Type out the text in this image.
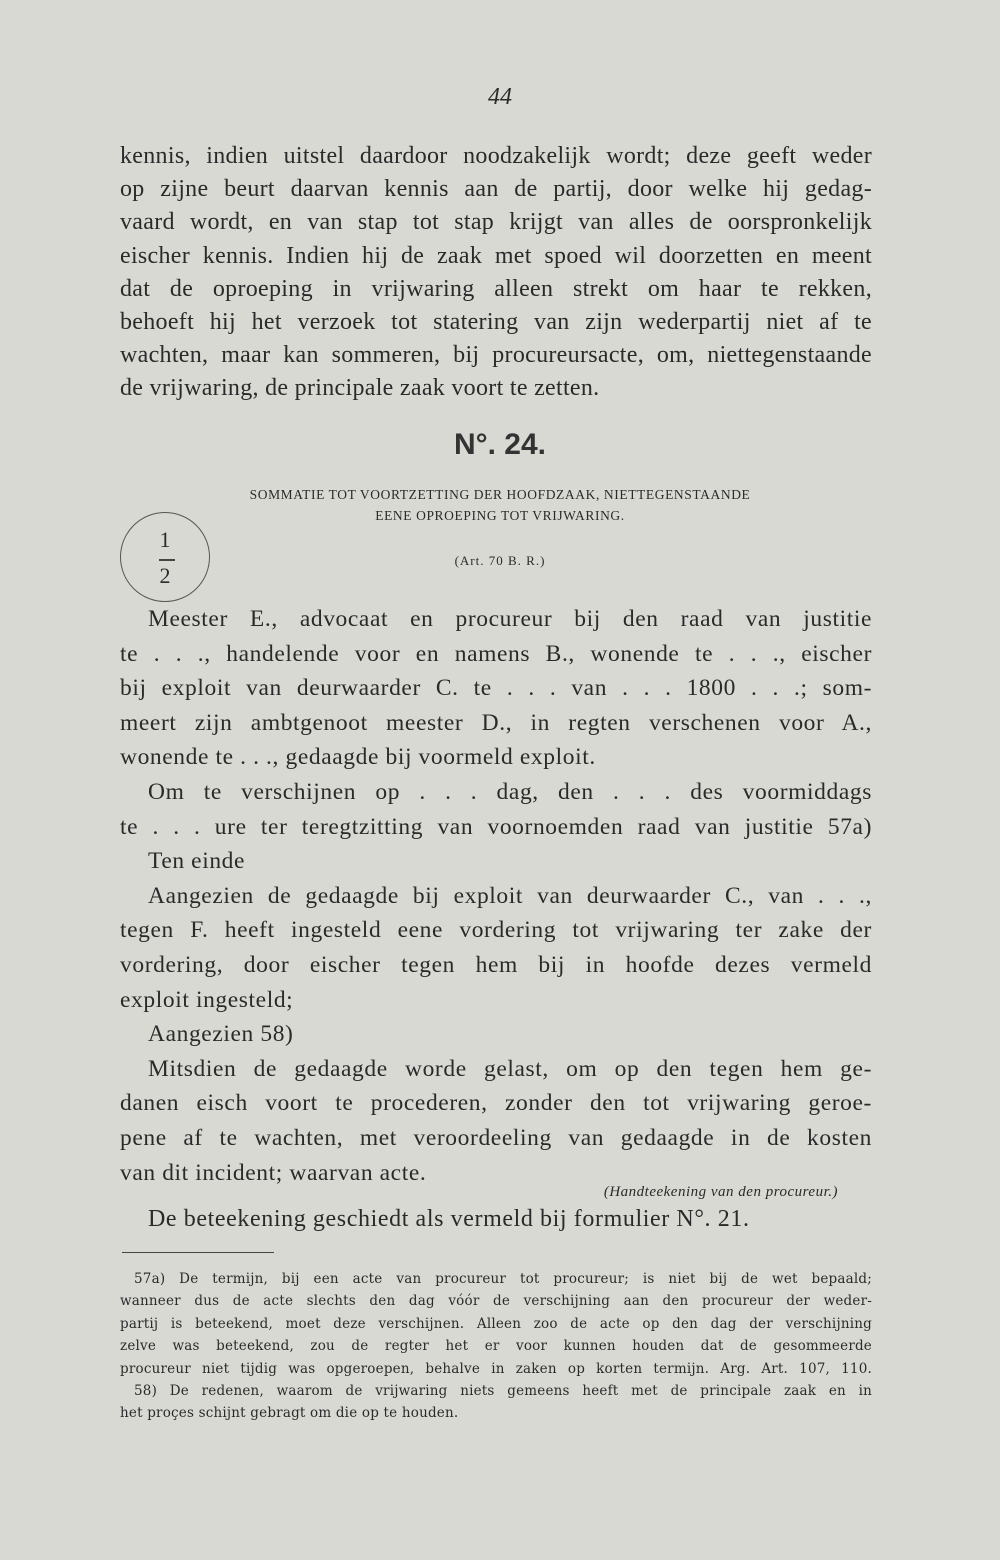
44
kennis, indien uitstel daardoor noodzakelijk wordt; deze geeft weder
op zijne beurt daarvan kennis aan de partij, door welke hij gedag-
vaard wordt, en van stap tot stap krijgt van alles de oorspronkelijk
eischer kennis. Indien hij de zaak met spoed wil doorzetten en meent
dat de oproeping in vrijwaring alleen strekt om haar te rekken,
behoeft hij het verzoek tot statering van zijn wederpartij niet af te
wachten, maar kan sommeren, bij procureursacte, om, niettegenstaande
de vrijwaring, de principale zaak voort te zetten.
N°. 24.
SOMMATIE TOT VOORTZETTING DER HOOFDZAAK, NIETTEGENSTAANDE
EENE OPROEPING TOT VRIJWARING.
1
2
(Art. 70 B. R.)
Meester E., advocaat en procureur bij den raad van justitie
te . . ., handelende voor en namens B., wonende te . . ., eischer
bij exploit van deurwaarder C. te . . . van . . . 1800 . . .; som-
meert zijn ambtgenoot meester D., in regten verschenen voor A.,
wonende te . . ., gedaagde bij voormeld exploit.
Om te verschijnen op . . . dag, den . . . des voormiddags
te . . . ure ter teregtzitting van voornoemden raad van justitie 57a)
Ten einde
Aangezien de gedaagde bij exploit van deurwaarder C., van . . .,
tegen F. heeft ingesteld eene vordering tot vrijwaring ter zake der
vordering, door eischer tegen hem bij in hoofde dezes vermeld
exploit ingesteld;
Aangezien 58)
Mitsdien de gedaagde worde gelast, om op den tegen hem ge-
danen eisch voort te procederen, zonder den tot vrijwaring geroe-
pene af te wachten, met veroordeeling van gedaagde in de kosten
van dit incident; waarvan acte.
(Handteekening van den procureur.)
De beteekening geschiedt als vermeld bij formulier N°. 21.
57a) De termijn, bij een acte van procureur tot procureur; is niet bij de wet bepaald;
wanneer dus de acte slechts den dag vóór de verschijning aan den procureur der weder-
partij is beteekend, moet deze verschijnen. Alleen zoo de acte op den dag der verschijning
zelve was beteekend, zou de regter het er voor kunnen houden dat de gesommeerde
procureur niet tijdig was opgeroepen, behalve in zaken op korten termijn. Arg. Art. 107, 110.
58) De redenen, waarom de vrijwaring niets gemeens heeft met de principale zaak en in
het proçes schijnt gebragt om die op te houden.
